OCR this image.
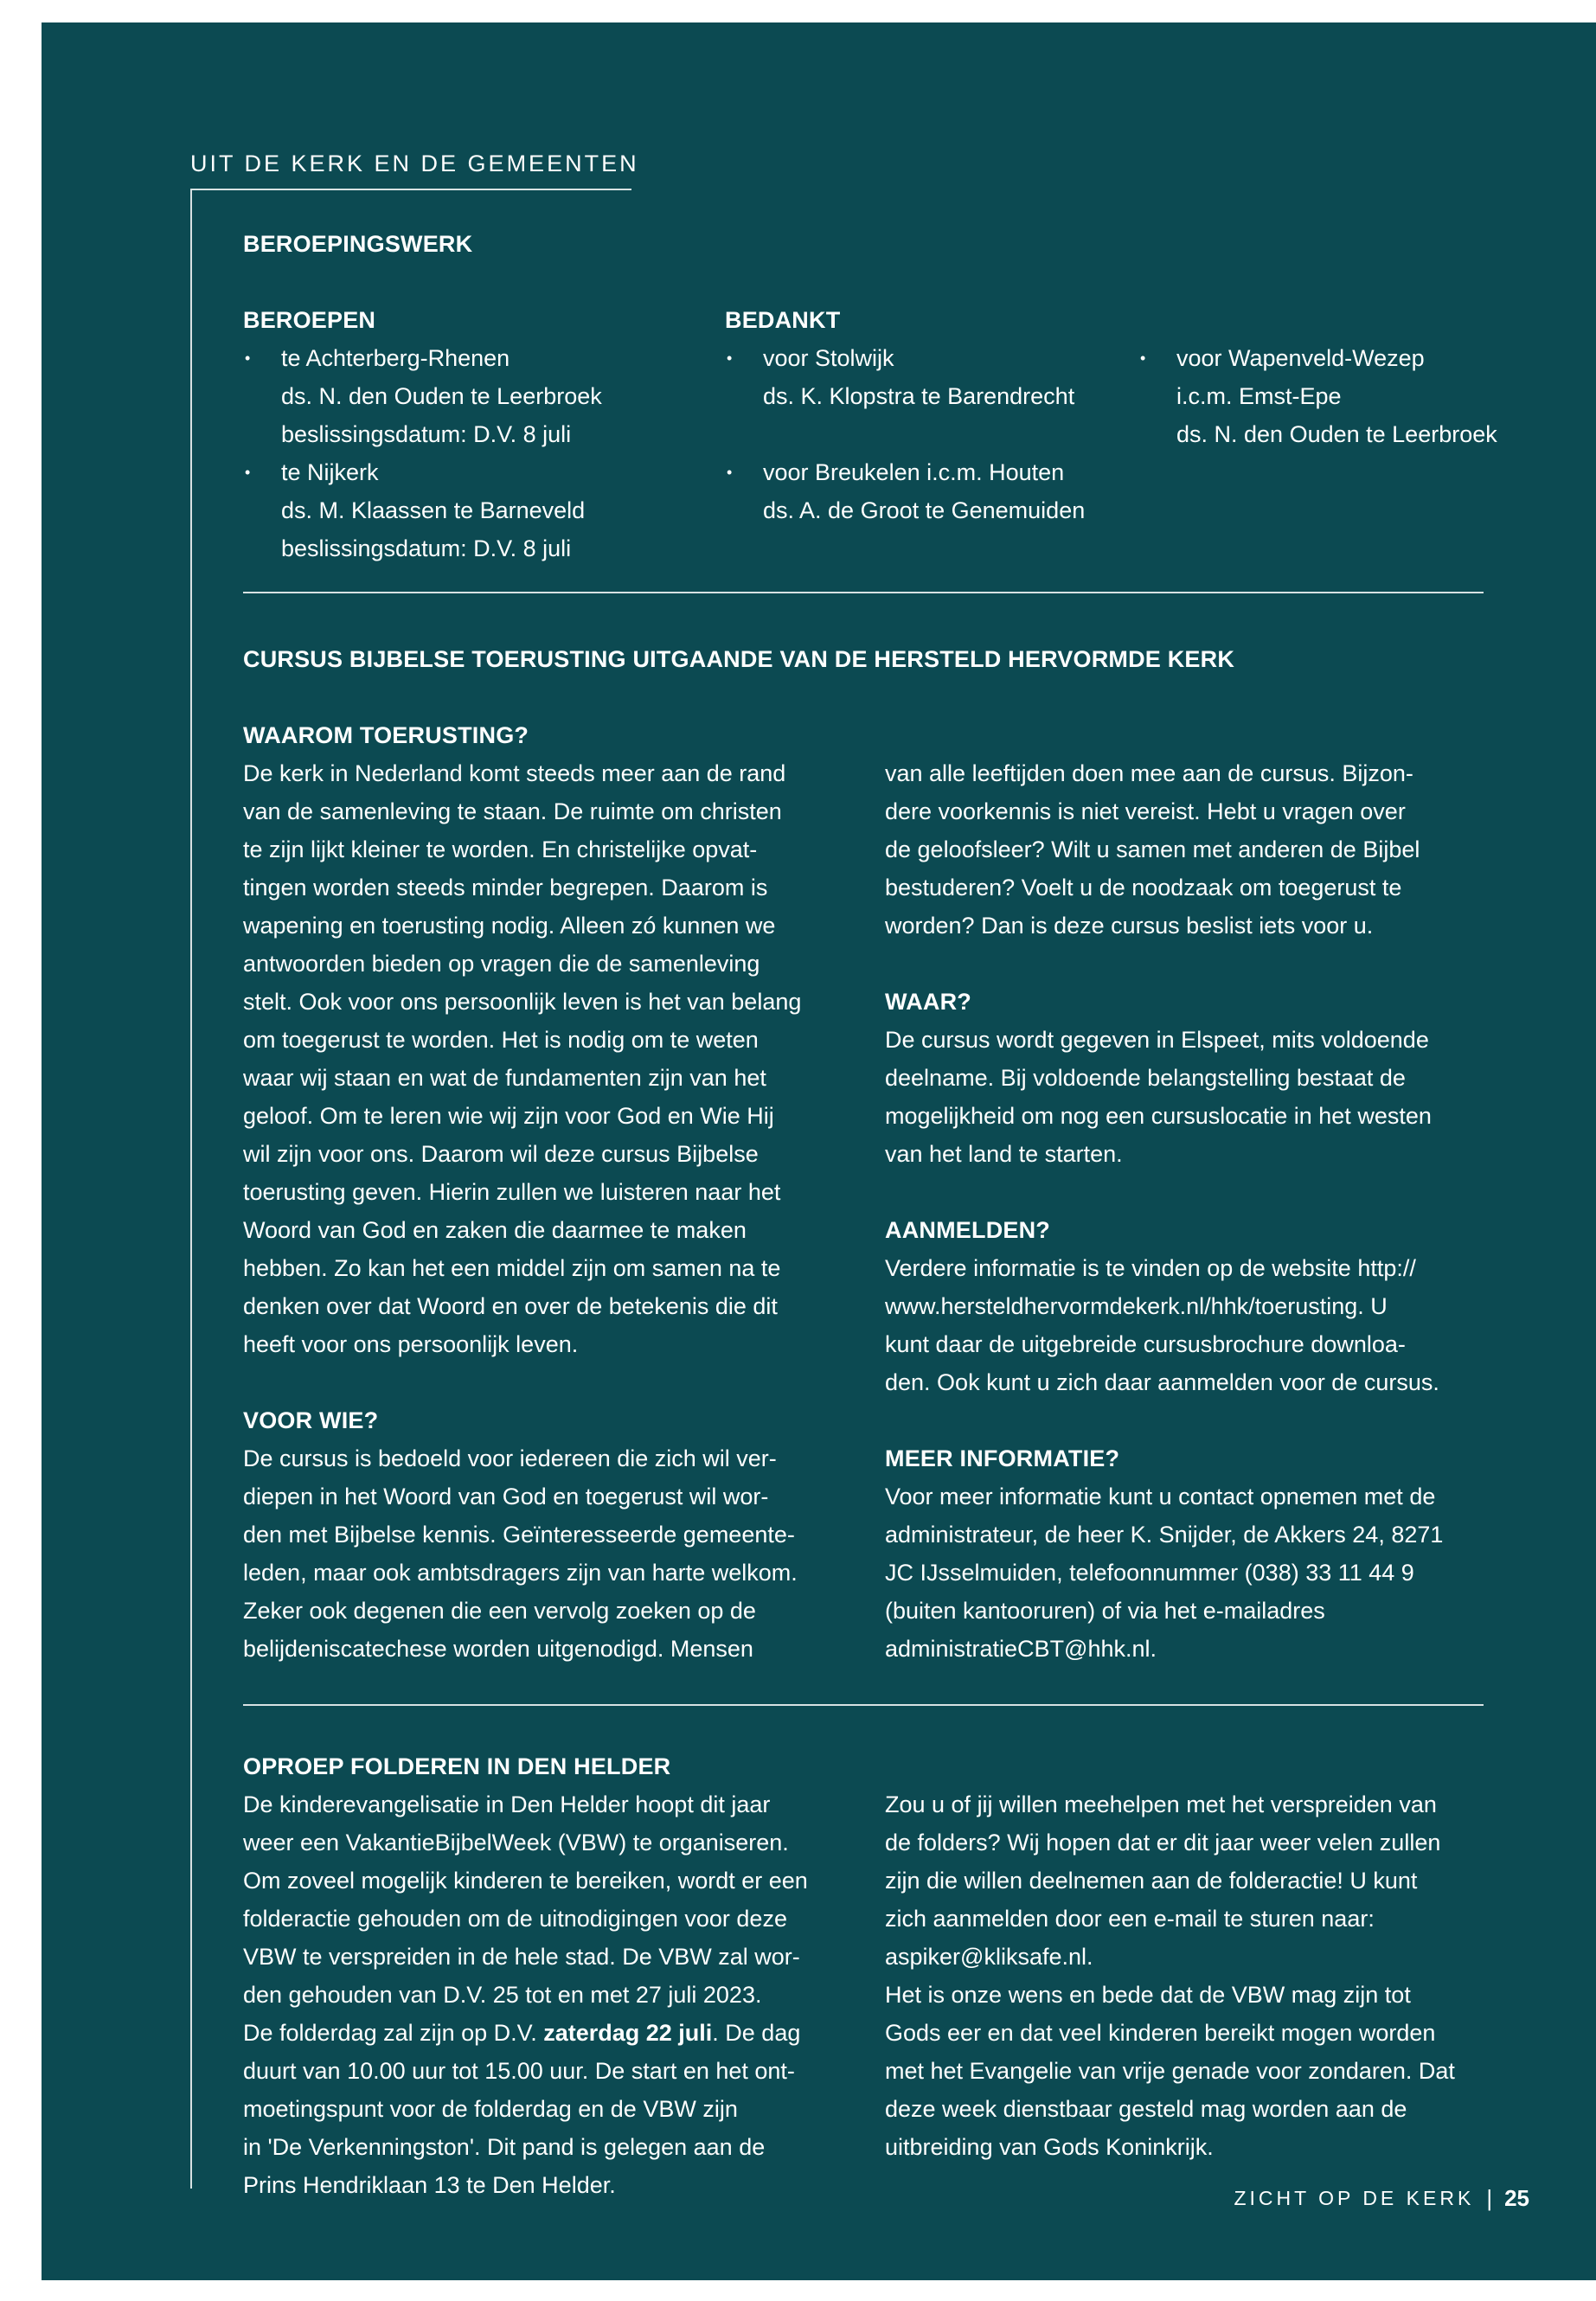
UIT DE KERK EN DE GEMEENTEN
BEROEPINGSWERK
BEROEPEN
• te Achterberg-Rhenen
ds. N. den Ouden te Leerbroek
beslissingsdatum: D.V. 8 juli
• te Nijkerk
ds. M. Klaassen te Barneveld
beslissingsdatum: D.V. 8 juli
BEDANKT
• voor Stolwijk
ds. K. Klopstra te Barendrecht
• voor Breukelen i.c.m. Houten
ds. A. de Groot te Genemuiden
• voor Wapenveld-Wezep
i.c.m. Emst-Epe
ds. N. den Ouden te Leerbroek
CURSUS BIJBELSE TOERUSTING UITGAANDE VAN DE HERSTELD HERVORMDE KERK
WAAROM TOERUSTING?

De kerk in Nederland komt steeds meer aan de rand
van de samenleving te staan. De ruimte om christen
te zijn lijkt kleiner te worden. En christelijke opvat-
tingen worden steeds minder begrepen. Daarom is
wapening en toerusting nodig. Alleen zó kunnen we
antwoorden bieden op vragen die de samenleving
stelt. Ook voor ons persoonlijk leven is het van belang
om toegerust te worden. Het is nodig om te weten
waar wij staan en wat de fundamenten zijn van het
geloof. Om te leren wie wij zijn voor God en Wie Hij
wil zijn voor ons. Daarom wil deze cursus Bijbelse
toerusting geven. Hierin zullen we luisteren naar het
Woord van God en zaken die daarmee te maken
hebben. Zo kan het een middel zijn om samen na te
denken over dat Woord en over de betekenis die dit
heeft voor ons persoonlijk leven.

VOOR WIE?

De cursus is bedoeld voor iedereen die zich wil ver-
diepen in het Woord van God en toegerust wil wor-
den met Bijbelse kennis. Geïnteresseerde gemeente-
leden, maar ook ambtsdragers zijn van harte welkom.
Zeker ook degenen die een vervolg zoeken op de
belijdeniscatechese worden uitgenodigd. Mensen

van alle leeftijden doen mee aan de cursus. Bijzon-
dere voorkennis is niet vereist. Hebt u vragen over
de geloofsleer? Wilt u samen met anderen de Bijbel
bestuderen? Voelt u de noodzaak om toegerust te
worden? Dan is deze cursus beslist iets voor u.

WAAR?

De cursus wordt gegeven in Elspeet, mits voldoende
deelname. Bij voldoende belangstelling bestaat de
mogelijkheid om nog een cursuslocatie in het westen
van het land te starten.

AANMELDEN?

Verdere informatie is te vinden op de website http://
www.hersteldhervormdekerk.nl/hhk/toerusting. U
kunt daar de uitgebreide cursusbrochure downloa-
den. Ook kunt u zich daar aanmelden voor de cursus.

MEER INFORMATIE?

Voor meer informatie kunt u contact opnemen met de
administrateur, de heer K. Snijder, de Akkers 24, 8271
JC IJsselmuiden, telefoonnummer (038) 33 11 44 9
(buiten kantooruren) of via het e-mailadres
administratieCBT@hhk.nl.

OPROEP FOLDEREN IN DEN HELDER

De kinderevangelisatie in Den Helder hoopt dit jaar
weer een VakantieBijbelWeek (VBW) te organiseren.
Om zoveel mogelijk kinderen te bereiken, wordt er een
folderactie gehouden om de uitnodigingen voor deze
VBW te verspreiden in de hele stad. De VBW zal wor-
den gehouden van D.V. 25 tot en met 27 juli 2023.

De folderdag zal zijn op D.V. zaterdag 22 juli. De dag

duurt van 10.00 uur tot 15.00 uur. De start en het ont-
moetingspunt voor de folderdag en de VBW zijn
in 'De Verkenningston'. Dit pand is gelegen aan de
Prins Hendriklaan 13 te Den Helder.

Zou u of jij willen meehelpen met het verspreiden van
de folders? Wij hopen dat er dit jaar weer velen zullen
zijn die willen deelnemen aan de folderactie! U kunt
zich aanmelden door een e-mail te sturen naar:
aspiker@kliksafe.nl.
Het is onze wens en bede dat de VBW mag zijn tot
Gods eer en dat veel kinderen bereikt mogen worden
met het Evangelie van vrije genade voor zondaren. Dat
deze week dienstbaar gesteld mag worden aan de
uitbreiding van Gods Koninkrijk.

ZICHT OP DE KERK | 25
